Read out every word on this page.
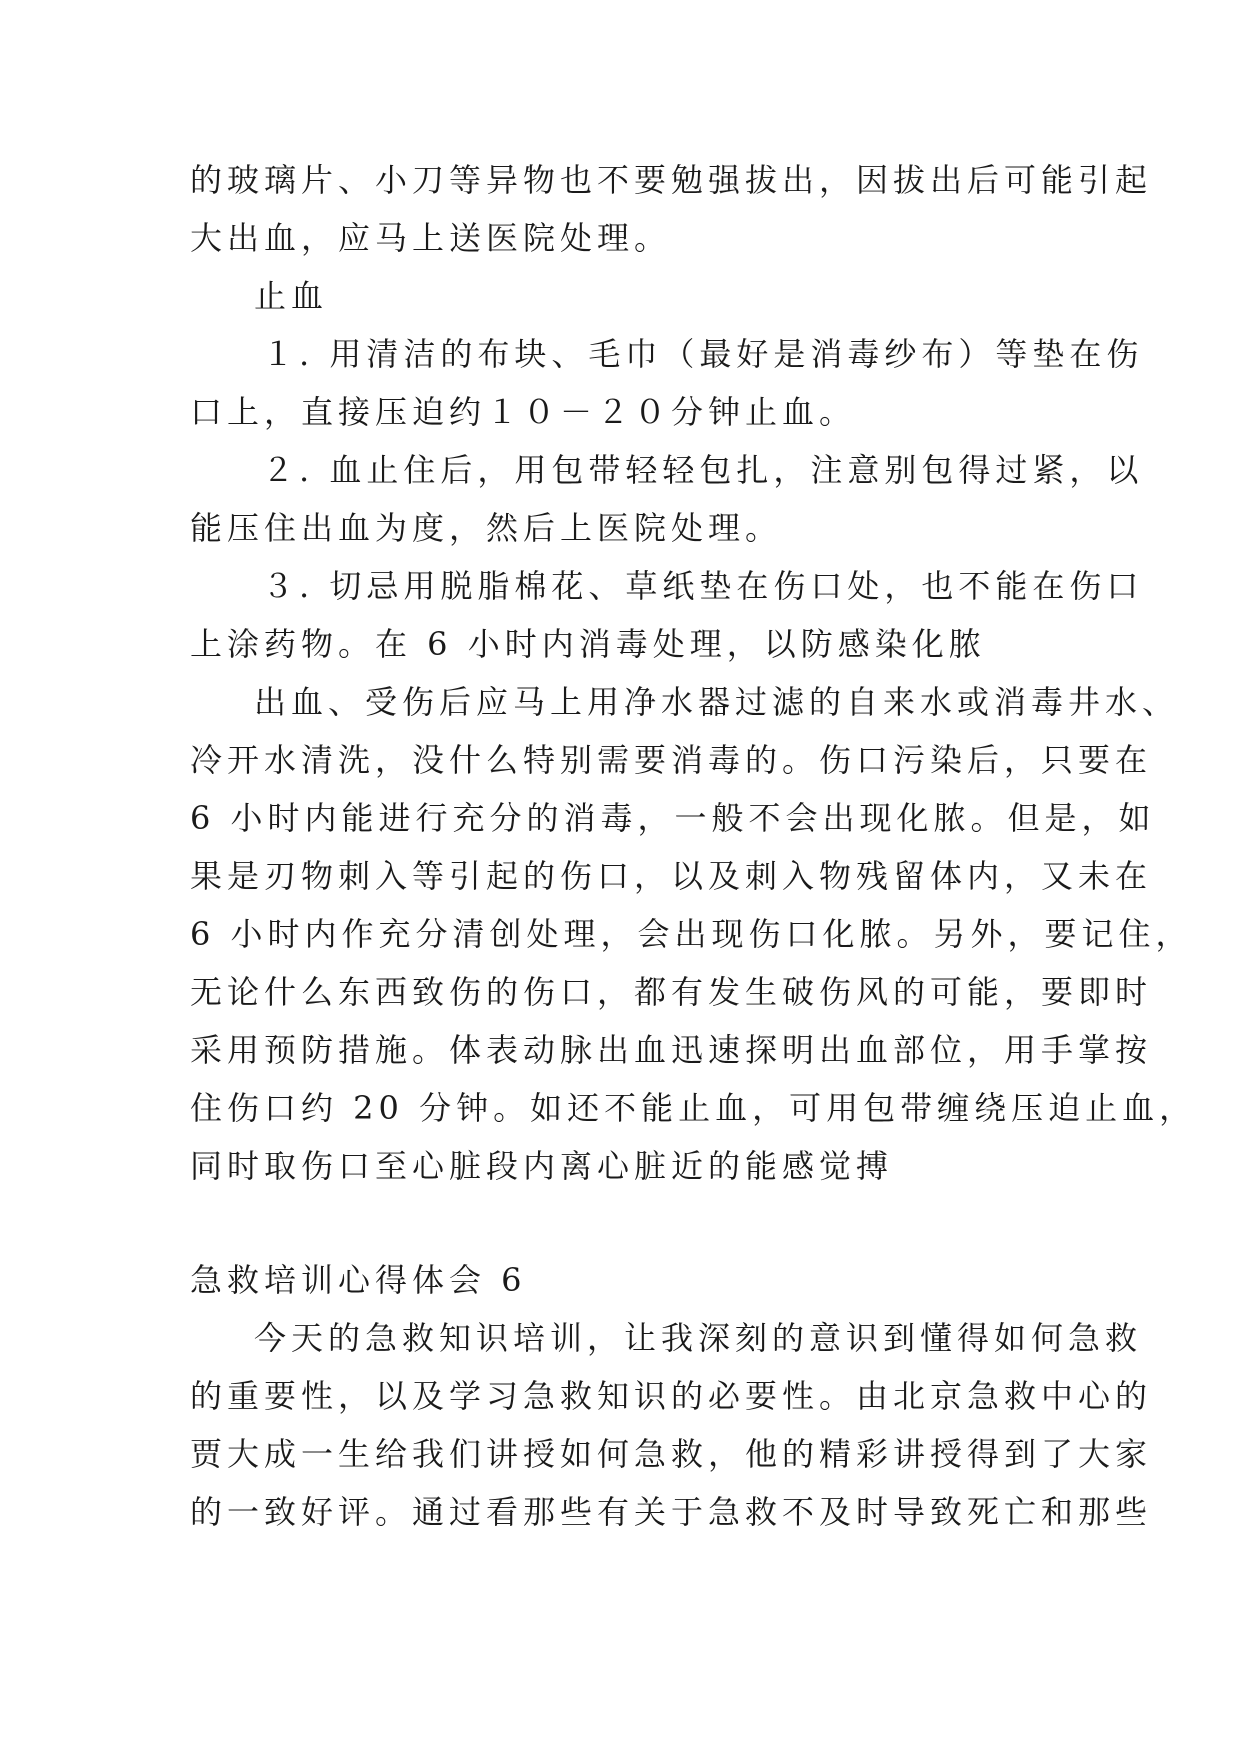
的玻璃片、小刀等异物也不要勉强拔出，因拔出后可能引起
大出血，应马上送医院处理。
止血
１. 用清洁的布块、毛巾（最好是消毒纱布）等垫在伤
口上，直接压迫约１０－２０分钟止血。
２. 血止住后，用包带轻轻包扎，注意别包得过紧，以
能压住出血为度，然后上医院处理。
３. 切忌用脱脂棉花、草纸垫在伤口处，也不能在伤口
上涂药物。在 6 小时内消毒处理，以防感染化脓
出血、受伤后应马上用净水器过滤的自来水或消毒井水、
冷开水清洗，没什么特别需要消毒的。伤口污染后，只要在
6 小时内能进行充分的消毒，一般不会出现化脓。但是，如
果是刃物刺入等引起的伤口，以及刺入物残留体内，又未在
6 小时内作充分清创处理，会出现伤口化脓。另外，要记住，
无论什么东西致伤的伤口，都有发生破伤风的可能，要即时
采用预防措施。体表动脉出血迅速探明出血部位，用手掌按
住伤口约 20 分钟。如还不能止血，可用包带缠绕压迫止血，
同时取伤口至心脏段内离心脏近的能感觉搏
急救培训心得体会 6
今天的急救知识培训，让我深刻的意识到懂得如何急救
的重要性，以及学习急救知识的必要性。由北京急救中心的
贾大成一生给我们讲授如何急救，他的精彩讲授得到了大家
的一致好评。通过看那些有关于急救不及时导致死亡和那些
